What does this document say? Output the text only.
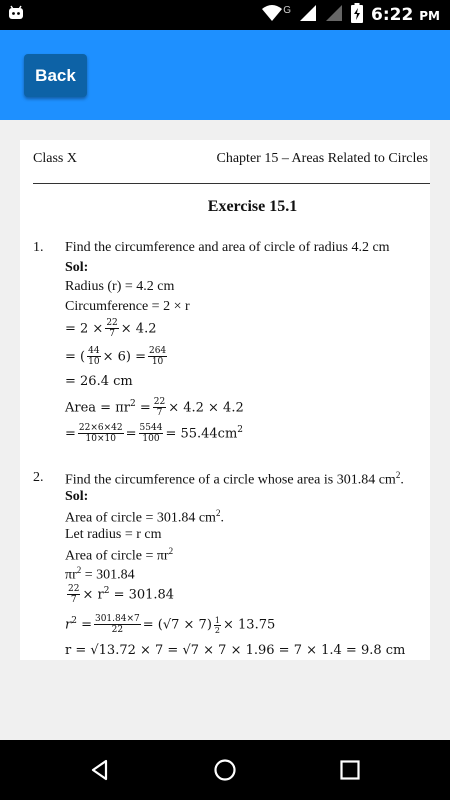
G	6:22 PM
Back
Class X	Chapter 15 – Areas Related to Circles
Exercise 15.1
1. Find the circumference and area of circle of radius 4.2 cm
Sol:
Radius (r) = 4.2 cm
Circumference = 2 × r
= $2 \times \frac{22}{7} \times 4.2$
= ( $\frac{44}{10} \times 6) = \frac{264}{10}$
= 26.4 cm
Area = $\pi r^2 = \frac{22}{7} \times 4.2 \times 4.2$
= $\frac{22\times 6\times 42}{10\times 10} = \frac{5544}{100} = 55.44cm^2$
2. Find the circumference of a circle whose area is 301.84 $cm^2$.
Sol:
Area of circle = 301.84 $cm^2$.
Let radius = r cm
Area of circle = $\pi r^2$
$\pi r^2 = 301.84$
$\frac{22}{7} \times r^2 = 301.84$
$r^2 = \frac{301.84\times 7}{22} = (√7 \times 7) \frac{1}{2} \times 13.75$
r = √13.72 × 7 = √7 × 7 × 1.96 = 7 × 1.4 = 9.8 cm
